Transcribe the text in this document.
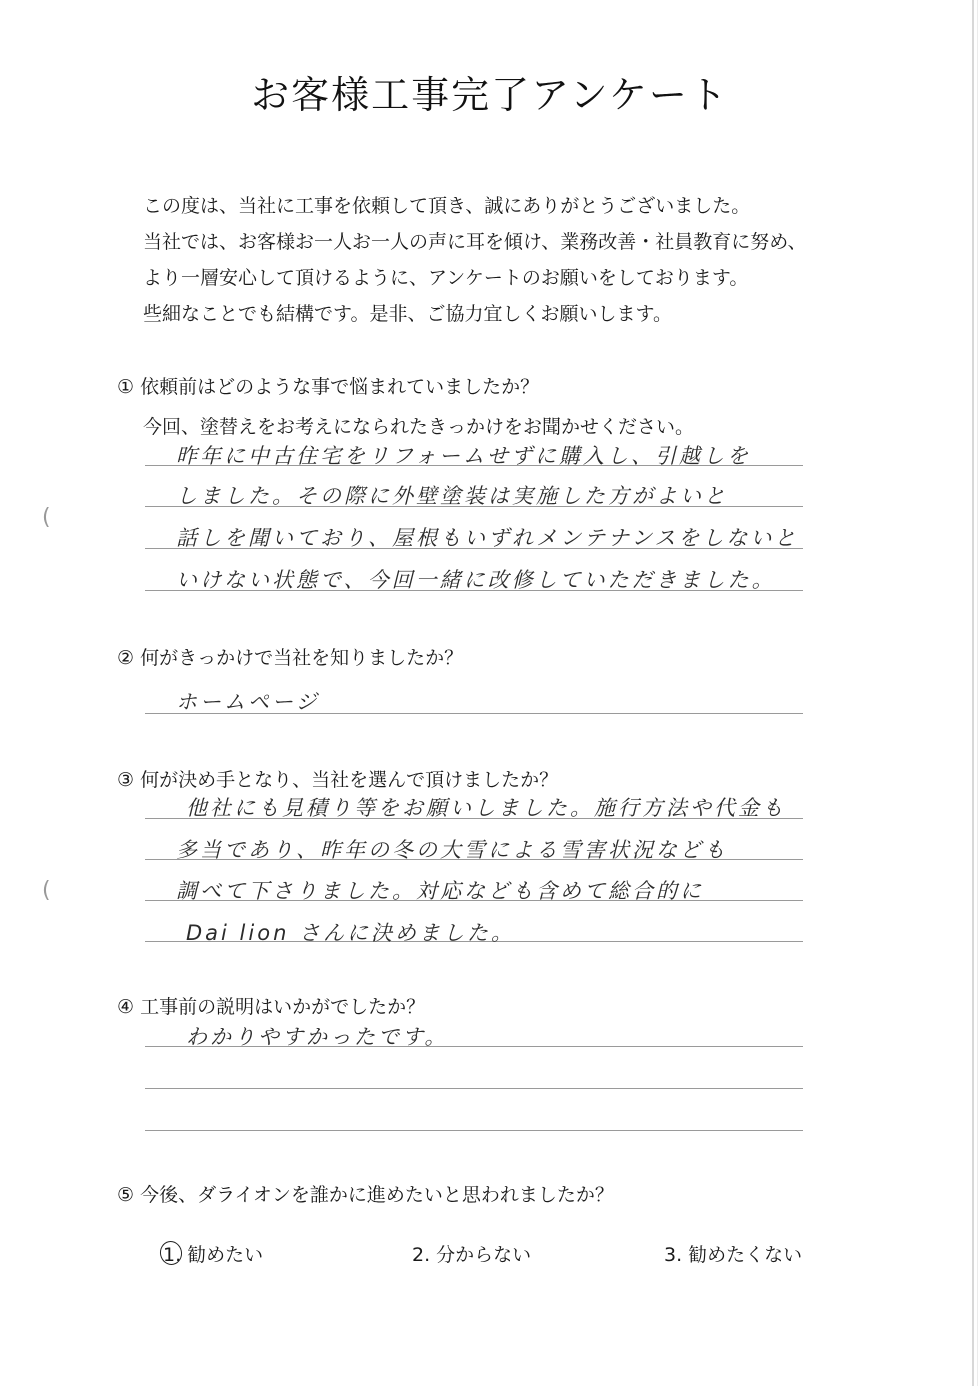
(
(
お客様工事完了アンケート
この度は、当社に工事を依頼して頂き、誠にありがとうございました。
当社では、お客様お一人お一人の声に耳を傾け、業務改善・社員教育に努め、
より一層安心して頂けるように、アンケートのお願いをしております。
些細なことでも結構です。是非、ご協力宜しくお願いします。
① 依頼前はどのような事で悩まれていましたか？
今回、塗替えをお考えになられたきっかけをお聞かせください。
昨年に中古住宅をリフォームせずに購入し、引越しを
しました。その際に外壁塗装は実施した方がよいと
話しを聞いており、屋根もいずれメンテナンスをしないと
いけない状態で、今回一緒に改修していただきました。
② 何がきっかけで当社を知りましたか？
ホームページ
③ 何が決め手となり、当社を選んで頂けましたか？
他社にも見積り等をお願いしました。施行方法や代金も
多当であり、昨年の冬の大雪による雪害状況なども
調べて下さりました。対応なども含めて総合的に
Dai lion さんに決めました。
④ 工事前の説明はいかがでしたか？
わかりやすかったです。
⑤ 今後、ダライオンを誰かに進めたいと思われましたか？
1. 勧めたい	2. 分からない	3. 勧めたくない
